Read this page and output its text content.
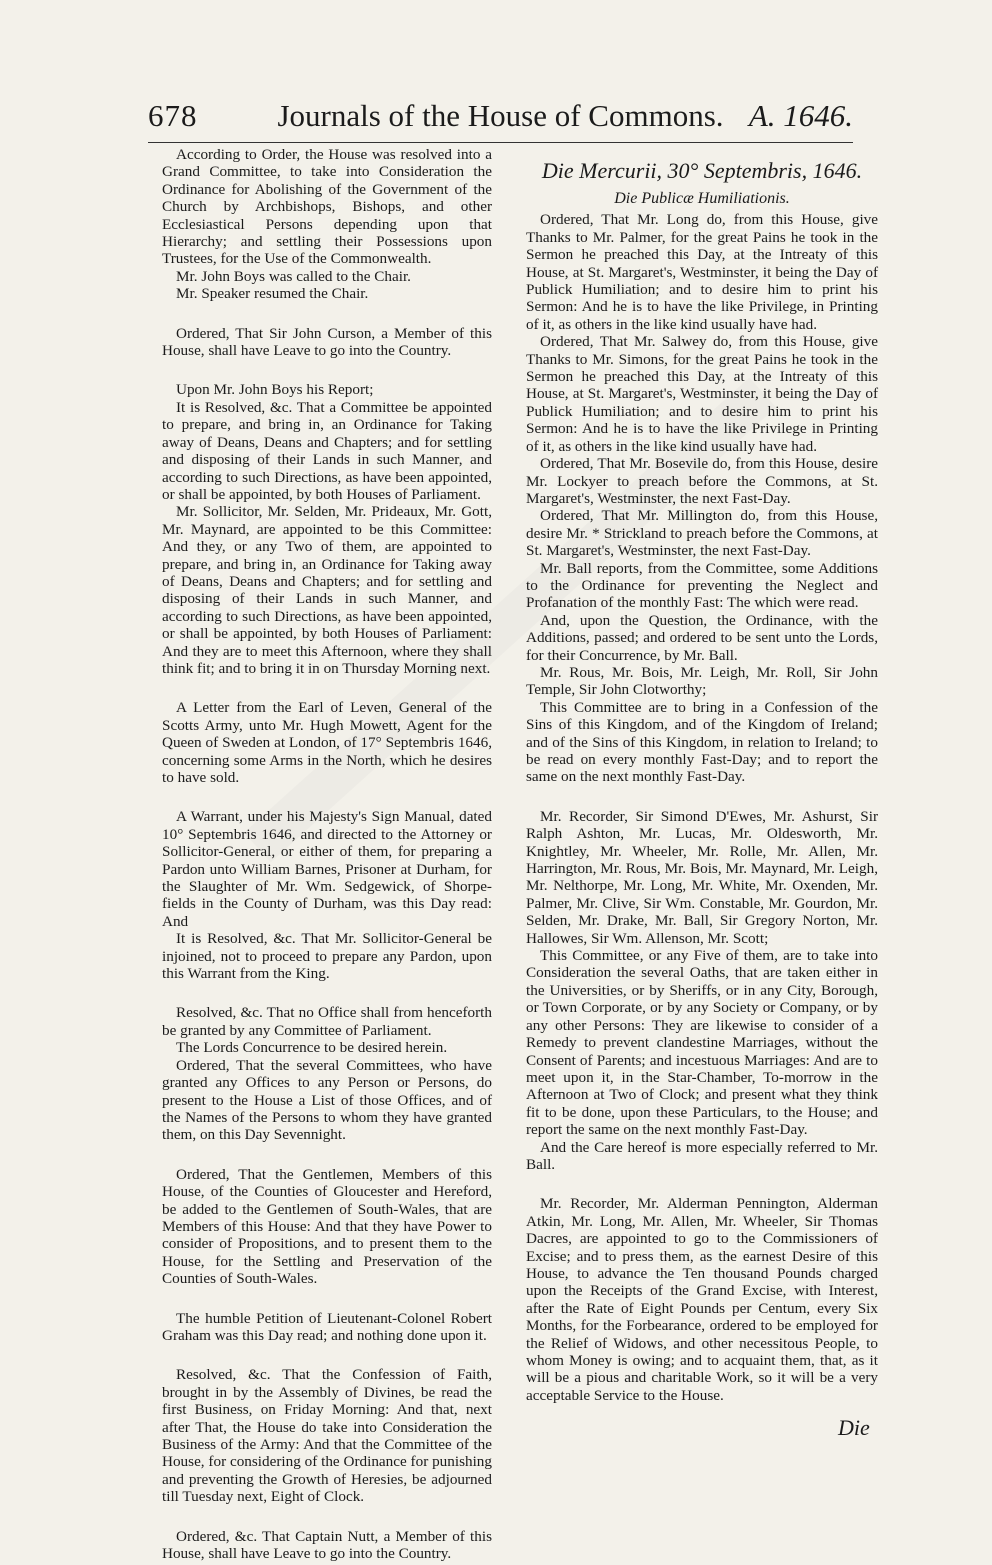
678	Journals of the House of Commons. A. 1646.

According to Order, the House was resolved into a Grand Committee, to take into Consideration the Ordinance for Abolishing of the Government of the Church by Archbishops, Bishops, and other Ecclesiastical Persons depending upon that Hierarchy; and settling their Possessions upon Trustees, for the Use of the Commonwealth.

Mr. John Boys was called to the Chair.

Mr. Speaker resumed the Chair.

Ordered, That Sir John Curson, a Member of this House, shall have Leave to go into the Country.

Upon Mr. John Boys his Report;

It is Resolved, &c. That a Committee be appointed to prepare, and bring in, an Ordinance for Taking away of Deans, Deans and Chapters; and for settling and disposing of their Lands in such Manner, and according to such Directions, as have been appointed, or shall be appointed, by both Houses of Parliament.

Mr. Sollicitor, Mr. Selden, Mr. Prideaux, Mr. Gott, Mr. Maynard, are appointed to be this Committee: And they, or any Two of them, are appointed to prepare, and bring in, an Ordinance for Taking away of Deans, Deans and Chapters; and for settling and disposing of their Lands in such Manner, and according to such Directions, as have been appointed, or shall be appointed, by both Houses of Parliament: And they are to meet this Afternoon, where they shall think fit; and to bring it in on Thursday Morning next.

A Letter from the Earl of Leven, General of the Scotts Army, unto Mr. Hugh Mowett, Agent for the Queen of Sweden at London, of 17° Septembris 1646, concerning some Arms in the North, which he desires to have sold.

A Warrant, under his Majesty's Sign Manual, dated 10° Septembris 1646, and directed to the Attorney or Sollicitor-General, or either of them, for preparing a Pardon unto William Barnes, Prisoner at Durham, for the Slaughter of Mr. Wm. Sedgewick, of Shorpe-fields in the County of Durham, was this Day read: And

It is Resolved, &c. That Mr. Sollicitor-General be injoined, not to proceed to prepare any Pardon, upon this Warrant from the King.

Resolved, &c. That no Office shall from henceforth be granted by any Committee of Parliament.

The Lords Concurrence to be desired herein.

Ordered, That the several Committees, who have granted any Offices to any Person or Persons, do present to the House a List of those Offices, and of the Names of the Persons to whom they have granted them, on this Day Sevennight.

Ordered, That the Gentlemen, Members of this House, of the Counties of Gloucester and Hereford, be added to the Gentlemen of South-Wales, that are Members of this House: And that they have Power to consider of Propositions, and to present them to the House, for the Settling and Preservation of the Counties of South-Wales.

The humble Petition of Lieutenant-Colonel Robert Graham was this Day read; and nothing done upon it.

Resolved, &c. That the Confession of Faith, brought in by the Assembly of Divines, be read the first Business, on Friday Morning: And that, next after That, the House do take into Consideration the Business of the Army: And that the Committee of the House, for considering of the Ordinance for punishing and preventing the Growth of Heresies, be adjourned till Tuesday next, Eight of Clock.

Ordered, &c. That Captain Nutt, a Member of this House, shall have Leave to go into the Country.

Die Mercurii, 30° Septembris, 1646.
Die Publicæ Humiliationis.

Ordered, That Mr. Long do, from this House, give Thanks to Mr. Palmer, for the great Pains he took in the Sermon he preached this Day, at the Intreaty of this House, at St. Margaret's, Westminster, it being the Day of Publick Humiliation; and to desire him to print his Sermon: And he is to have the like Privilege, in Printing of it, as others in the like kind usually have had.

Ordered, That Mr. Salwey do, from this House, give Thanks to Mr. Simons, for the great Pains he took in the Sermon he preached this Day, at the Intreaty of this House, at St. Margaret's, Westminster, it being the Day of Publick Humiliation; and to desire him to print his Sermon: And he is to have the like Privilege in Printing of it, as others in the like kind usually have had.

Ordered, That Mr. Bosevile do, from this House, desire Mr. Lockyer to preach before the Commons, at St. Margaret's, Westminster, the next Fast-Day.

Ordered, That Mr. Millington do, from this House, desire Mr. * Strickland to preach before the Commons, at St. Margaret's, Westminster, the next Fast-Day.

Mr. Ball reports, from the Committee, some Additions to the Ordinance for preventing the Neglect and Profanation of the monthly Fast: The which were read.

And, upon the Question, the Ordinance, with the Additions, passed; and ordered to be sent unto the Lords, for their Concurrence, by Mr. Ball.

Mr. Rous, Mr. Bois, Mr. Leigh, Mr. Roll, Sir John Temple, Sir John Clotworthy;

This Committee are to bring in a Confession of the Sins of this Kingdom, and of the Kingdom of Ireland; and of the Sins of this Kingdom, in relation to Ireland; to be read on every monthly Fast-Day; and to report the same on the next monthly Fast-Day.

Mr. Recorder, Sir Simond D'Ewes, Mr. Ashurst, Sir Ralph Ashton, Mr. Lucas, Mr. Oldesworth, Mr. Knightley, Mr. Wheeler, Mr. Rolle, Mr. Allen, Mr. Harrington, Mr. Rous, Mr. Bois, Mr. Maynard, Mr. Leigh, Mr. Nelthorpe, Mr. Long, Mr. White, Mr. Oxenden, Mr. Palmer, Mr. Clive, Sir Wm. Constable, Mr. Gourdon, Mr. Selden, Mr. Drake, Mr. Ball, Sir Gregory Norton, Mr. Hallowes, Sir Wm. Allenson, Mr. Scott;

This Committee, or any Five of them, are to take into Consideration the several Oaths, that are taken either in the Universities, or by Sheriffs, or in any City, Borough, or Town Corporate, or by any Society or Company, or by any other Persons: They are likewise to consider of a Remedy to prevent clandestine Marriages, without the Consent of Parents; and incestuous Marriages: And are to meet upon it, in the Star-Chamber, To-morrow in the Afternoon at Two of Clock; and present what they think fit to be done, upon these Particulars, to the House; and report the same on the next monthly Fast-Day.

And the Care hereof is more especially referred to Mr. Ball.

Mr. Recorder, Mr. Alderman Pennington, Alderman Atkin, Mr. Long, Mr. Allen, Mr. Wheeler, Sir Thomas Dacres, are appointed to go to the Commissioners of Excise; and to press them, as the earnest Desire of this House, to advance the Ten thousand Pounds charged upon the Receipts of the Grand Excise, with Interest, after the Rate of Eight Pounds per Centum, every Six Months, for the Forbearance, ordered to be employed for the Relief of Widows, and other necessitous People, to whom Money is owing; and to acquaint them, that, as it will be a pious and charitable Work, so it will be a very acceptable Service to the House.

Die
